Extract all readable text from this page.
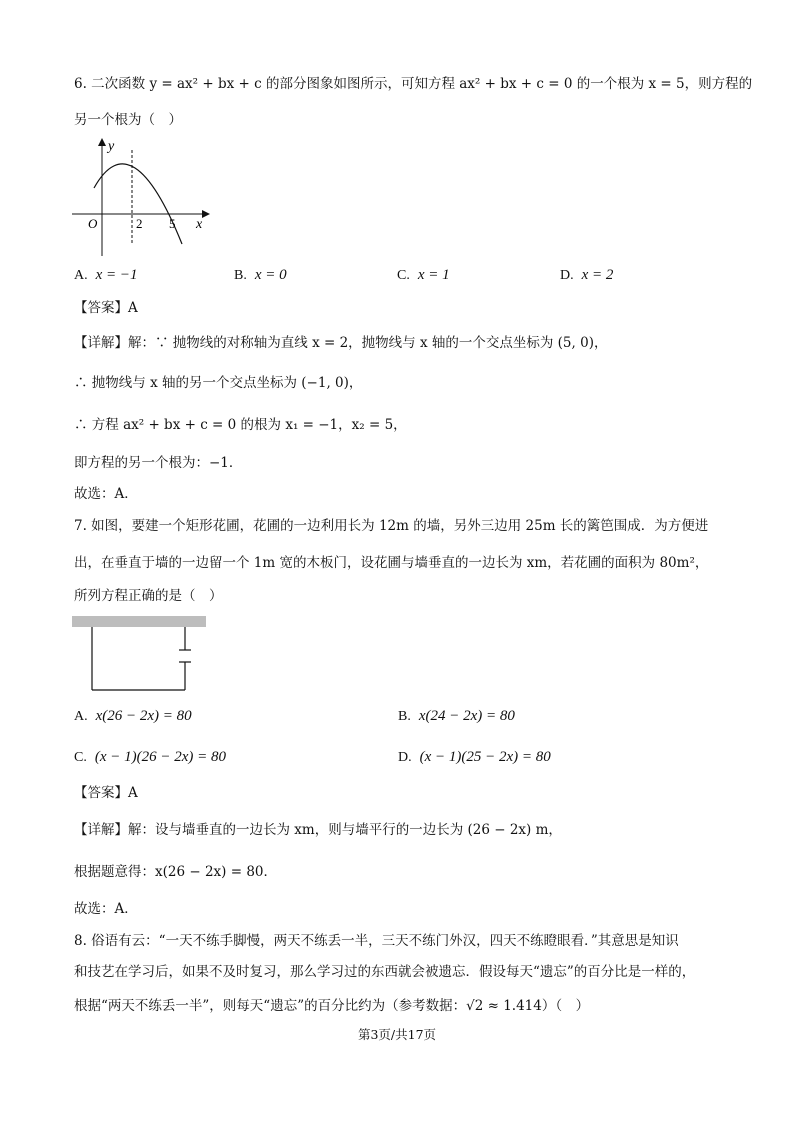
6. 二次函数 y = ax² + bx + c 的部分图象如图所示，可知方程 ax² + bx + c = 0 的一个根为 x = 5，则方程的
另一个根为（　）
y
x
O	2 5
A. x = −1	B. x = 0	C. x = 1	D. x = 2
【答案】A
【详解】解：∵ 抛物线的对称轴为直线 x = 2，抛物线与 x 轴的一个交点坐标为 (5, 0)，
∴ 抛物线与 x 轴的另一个交点坐标为 (−1, 0)，
∴ 方程 ax² + bx + c = 0 的根为 x₁ = −1，x₂ = 5，
即方程的另一个根为：−1．
故选：A．
7. 如图，要建一个矩形花圃，花圃的一边利用长为 12m 的墙，另外三边用 25m 长的篱笆围成．为方便进
出，在垂直于墙的一边留一个 1m 宽的木板门，设花圃与墙垂直的一边长为 xm，若花圃的面积为 80m²，
所列方程正确的是（　）
A. x(26 − 2x) = 80	B. x(24 − 2x) = 80
C. (x − 1)(26 − 2x) = 80	D. (x − 1)(25 − 2x) = 80
【答案】A
【详解】解：设与墙垂直的一边长为 xm，则与墙平行的一边长为 (26 − 2x) m，
根据题意得：x(26 − 2x) = 80．
故选：A．
8. 俗语有云：“一天不练手脚慢，两天不练丢一半，三天不练门外汉，四天不练瞪眼看．”其意思是知识
和技艺在学习后，如果不及时复习，那么学习过的东西就会被遗忘．假设每天“遗忘”的百分比是一样的，
根据“两天不练丢一半”，则每天“遗忘”的百分比约为（参考数据：√2 ≈ 1.414）（　）
第3页/共17页
